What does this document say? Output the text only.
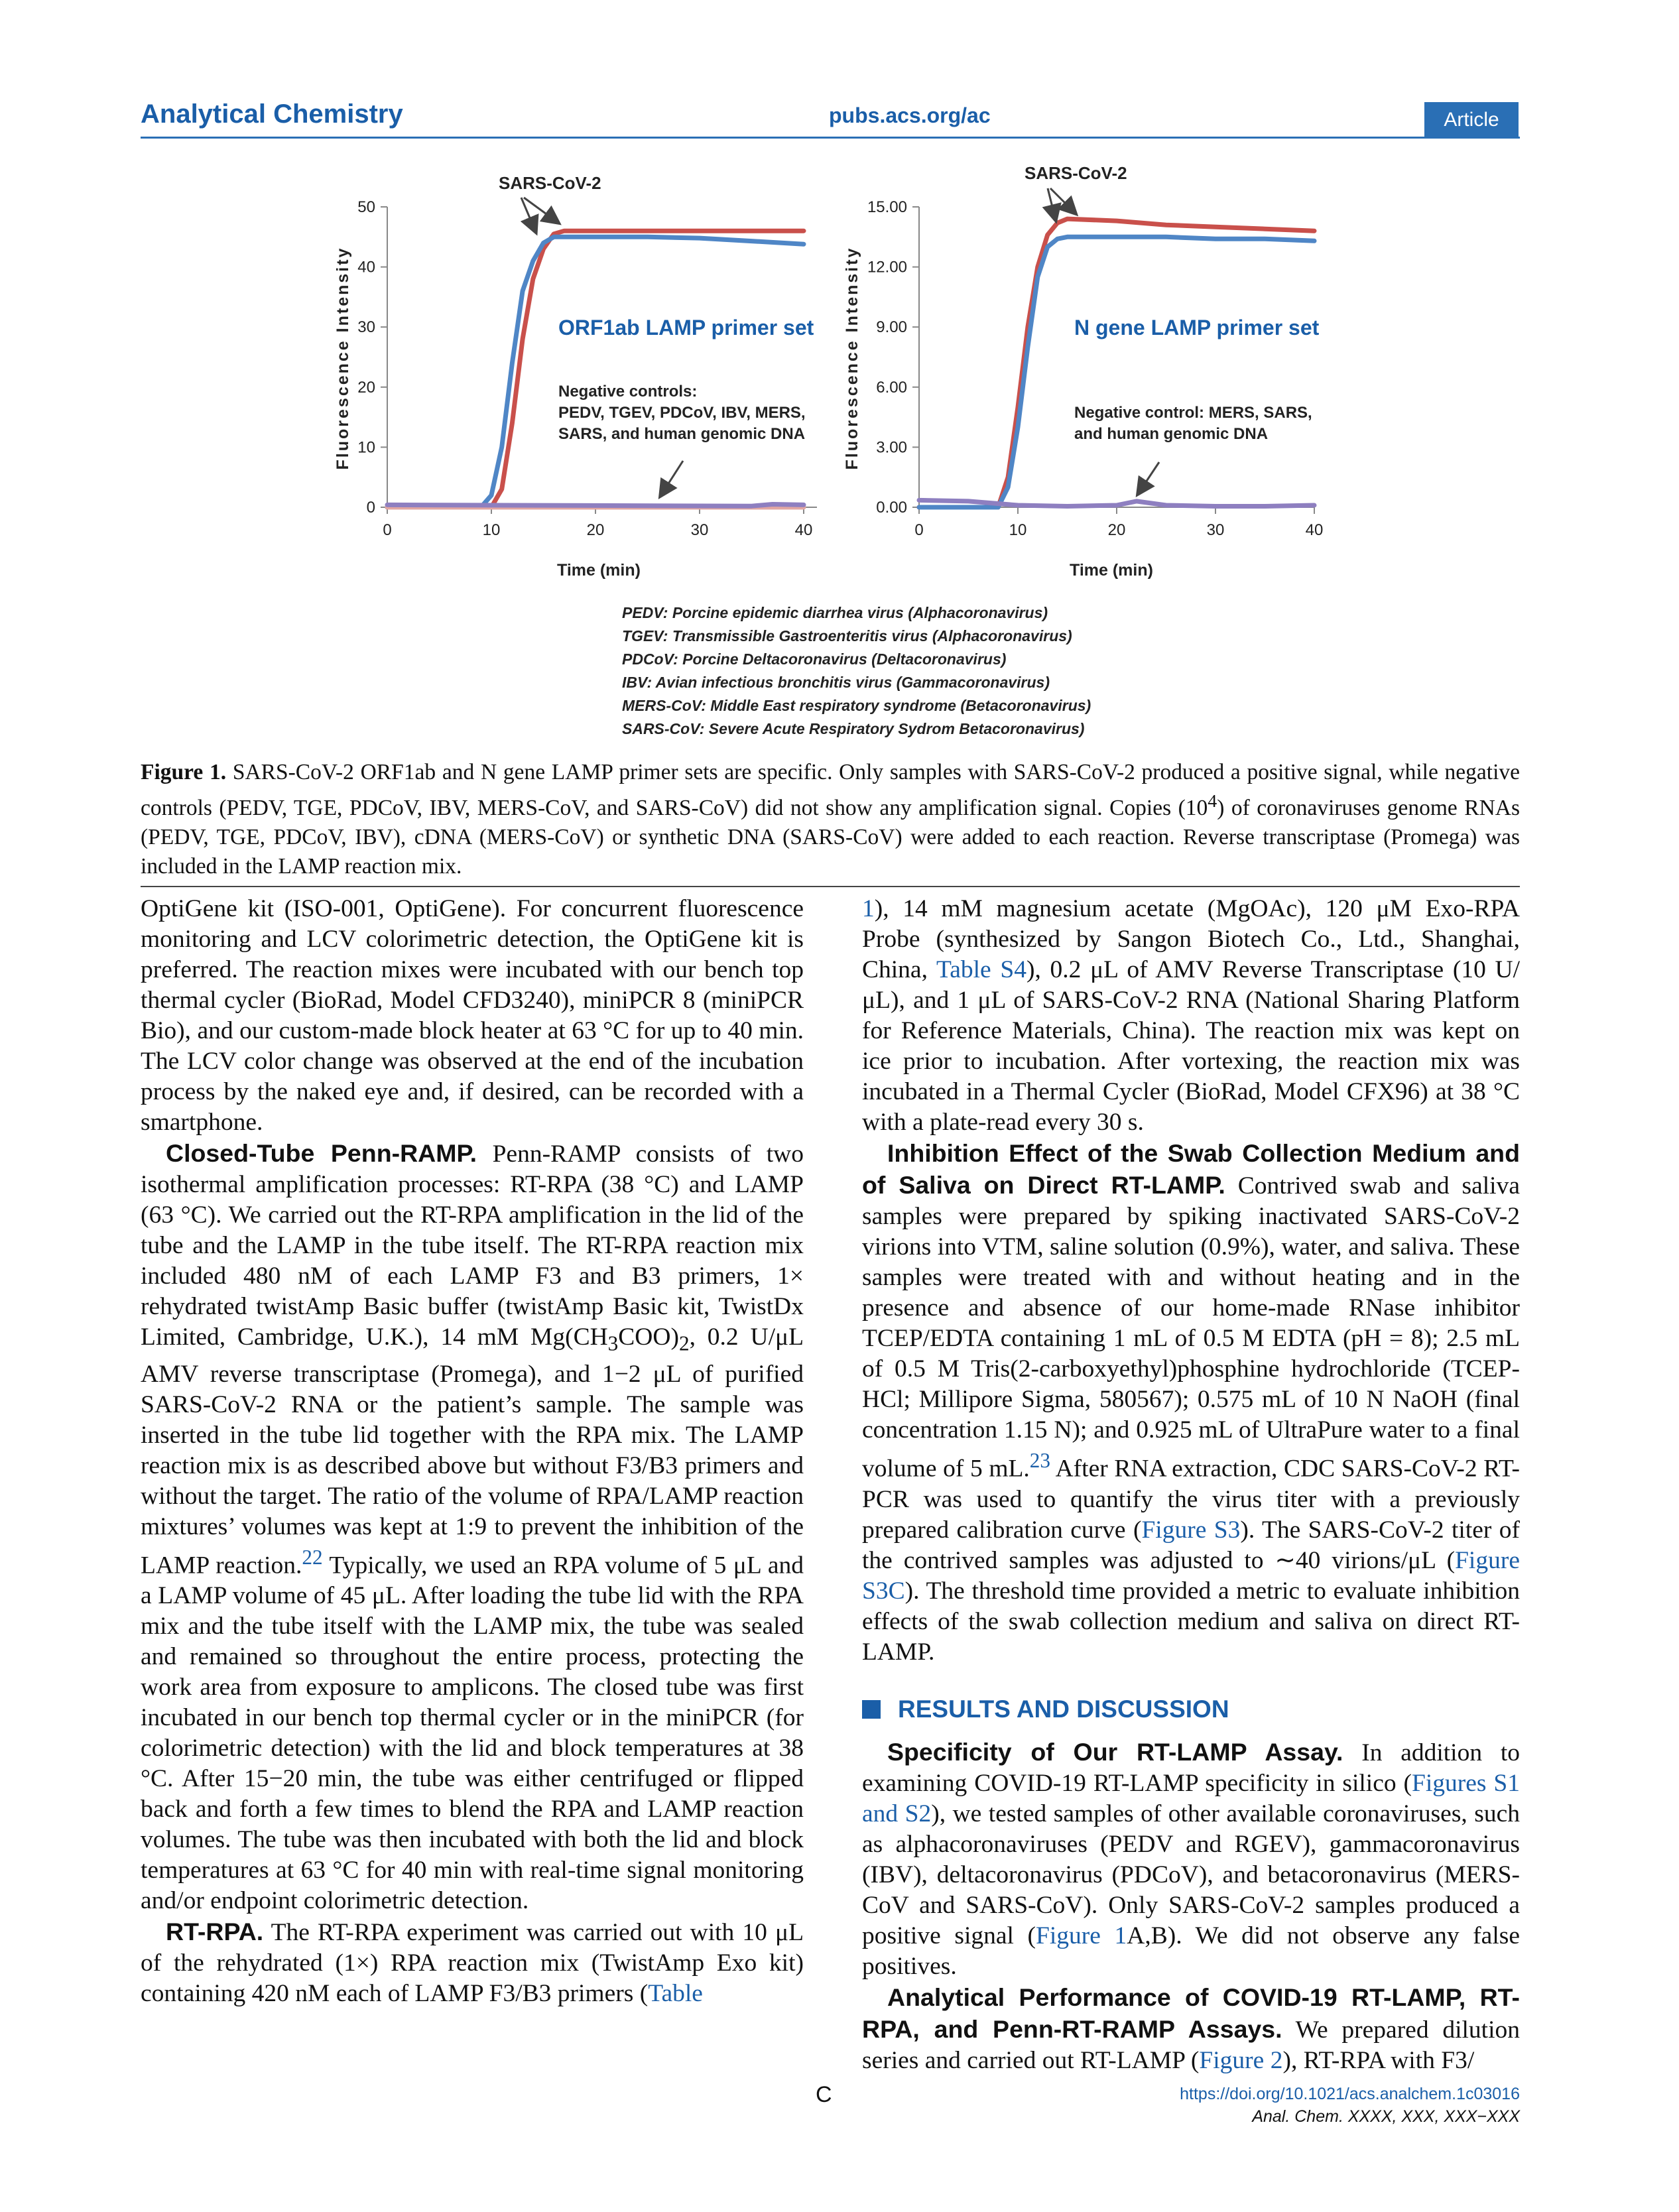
Analytical Chemistry	pubs.acs.org/ac	Article
0
10
20
30
40
50
0	10	20	30	40
Fluorescence Intensity
Time (min)
SARS-CoV-2
ORF1ab LAMP primer set
Negative controls:
PEDV, TGEV, PDCoV, IBV, MERS,
SARS, and human genomic DNA
0.00
3.00
6.00
9.00
12.00
15.00
0	10	20	30	40
Fluorescence Intensity
Time (min)
SARS-CoV-2
N gene LAMP primer set
Negative control: MERS, SARS,
and human genomic DNA
PEDV: Porcine epidemic diarrhea virus (Alphacoronavirus)
TGEV: Transmissible Gastroenteritis virus (Alphacoronavirus)
PDCoV: Porcine Deltacoronavirus (Deltacoronavirus)
IBV: Avian infectious bronchitis virus (Gammacoronavirus)
MERS-CoV: Middle East respiratory syndrome (Betacoronavirus)
SARS-CoV: Severe Acute Respiratory Sydrom Betacoronavirus)
Figure 1. SARS-CoV-2 ORF1ab and N gene LAMP primer sets are specific. Only samples with SARS-CoV-2 produced a positive signal, while negative controls (PEDV, TGE, PDCoV, IBV, MERS-CoV, and SARS-CoV) did not show any amplification signal. Copies $(10^4)$ of coronaviruses genome RNAs (PEDV, TGE, PDCoV, IBV), cDNA (MERS-CoV) or synthetic DNA (SARS-CoV) were added to each reaction. Reverse transcriptase (Promega) was included in the LAMP reaction mix.

OptiGene kit (ISO-001, OptiGene). For concurrent fluorescence monitoring and LCV colorimetric detection, the OptiGene kit is preferred. The reaction mixes were incubated with our bench top thermal cycler (BioRad, Model CFD3240), miniPCR 8 (miniPCR Bio), and our custom-made block heater at 63 °C for up to 40 min. The LCV color change was observed at the end of the incubation process by the naked eye and, if desired, can be recorded with a smartphone.

Closed-Tube Penn-RAMP. Penn-RAMP consists of two isothermal amplification processes: RT-RPA (38 °C) and LAMP (63 °C). We carried out the RT-RPA amplification in the lid of the tube and the LAMP in the tube itself. The RT-RPA reaction mix included 480 nM of each LAMP F3 and B3 primers, 1× rehydrated twistAmp Basic buffer (twistAmp Basic kit, TwistDx Limited, Cambridge, U.K.), 14 mM $Mg(CH_3COO)_2$, 0.2 U/μL AMV reverse transcriptase (Promega), and 1−2 μL of purified SARS-CoV-2 RNA or the patient’s sample. The sample was inserted in the tube lid together with the RPA mix. The LAMP reaction mix is as described above but without F3/B3 primers and without the target. The ratio of the volume of RPA/LAMP reaction mixtures’ volumes was kept at 1:9 to prevent the inhibition of the LAMP reaction.$^{22}$ Typically, we used an RPA volume of 5 μL and a LAMP volume of 45 μL. After loading the tube lid with the RPA mix and the tube itself with the LAMP mix, the tube was sealed and remained so throughout the entire process, protecting the work area from exposure to amplicons. The closed tube was first incubated in our bench top thermal cycler or in the miniPCR (for colorimetric detection) with the lid and block temperatures at 38 °C. After 15−20 min, the tube was either centrifuged or flipped back and forth a few times to blend the RPA and LAMP reaction volumes. The tube was then incubated with both the lid and block temperatures at 63 °C for 40 min with real-time signal monitoring and/or endpoint colorimetric detection.

RT-RPA. The RT-RPA experiment was carried out with 10 μL of the rehydrated (1×) RPA reaction mix (TwistAmp Exo kit) containing 420 nM each of LAMP F3/B3 primers (Table

1), 14 mM magnesium acetate (MgOAc), 120 μM Exo-RPA Probe (synthesized by Sangon Biotech Co., Ltd., Shanghai, China, Table S4), 0.2 μL of AMV Reverse Transcriptase (10 U/μL), and 1 μL of SARS-CoV-2 RNA (National Sharing Platform for Reference Materials, China). The reaction mix was kept on ice prior to incubation. After vortexing, the reaction mix was incubated in a Thermal Cycler (BioRad, Model CFX96) at 38 °C with a plate-read every 30 s.

Inhibition Effect of the Swab Collection Medium and of Saliva on Direct RT-LAMP. Contrived swab and saliva samples were prepared by spiking inactivated SARS-CoV-2 virions into VTM, saline solution (0.9%), water, and saliva. These samples were treated with and without heating and in the presence and absence of our home-made RNase inhibitor TCEP/EDTA containing 1 mL of 0.5 M EDTA (pH = 8); 2.5 mL of 0.5 M Tris(2-carboxyethyl)phosphine hydrochloride (TCEP-HCl; Millipore Sigma, 580567); 0.575 mL of 10 N NaOH (final concentration 1.15 N); and 0.925 mL of UltraPure water to a final volume of 5 mL.$^{23}$ After RNA extraction, CDC SARS-CoV-2 RT-PCR was used to quantify the virus titer with a previously prepared calibration curve (Figure S3). The SARS-CoV-2 titer of the contrived samples was adjusted to ∼40 virions/μL (Figure S3C). The threshold time provided a metric to evaluate inhibition effects of the swab collection medium and saliva on direct RT-LAMP.

RESULTS AND DISCUSSION

Specificity of Our RT-LAMP Assay. In addition to examining COVID-19 RT-LAMP specificity in silico (Figures S1 and S2), we tested samples of other available coronaviruses, such as alphacoronaviruses (PEDV and RGEV), gammacoronavirus (IBV), deltacoronavirus (PDCoV), and betacoronavirus (MERS-CoV and SARS-CoV). Only SARS-CoV-2 samples produced a positive signal (Figure 1A,B). We did not observe any false positives.

Analytical Performance of COVID-19 RT-LAMP, RT-RPA, and Penn-RT-RAMP Assays. We prepared dilution series and carried out RT-LAMP (Figure 2), RT-RPA with F3/

C	https://doi.org/10.1021/acs.analchem.1c03016
Anal. Chem. XXXX, XXX, XXX−XXX
